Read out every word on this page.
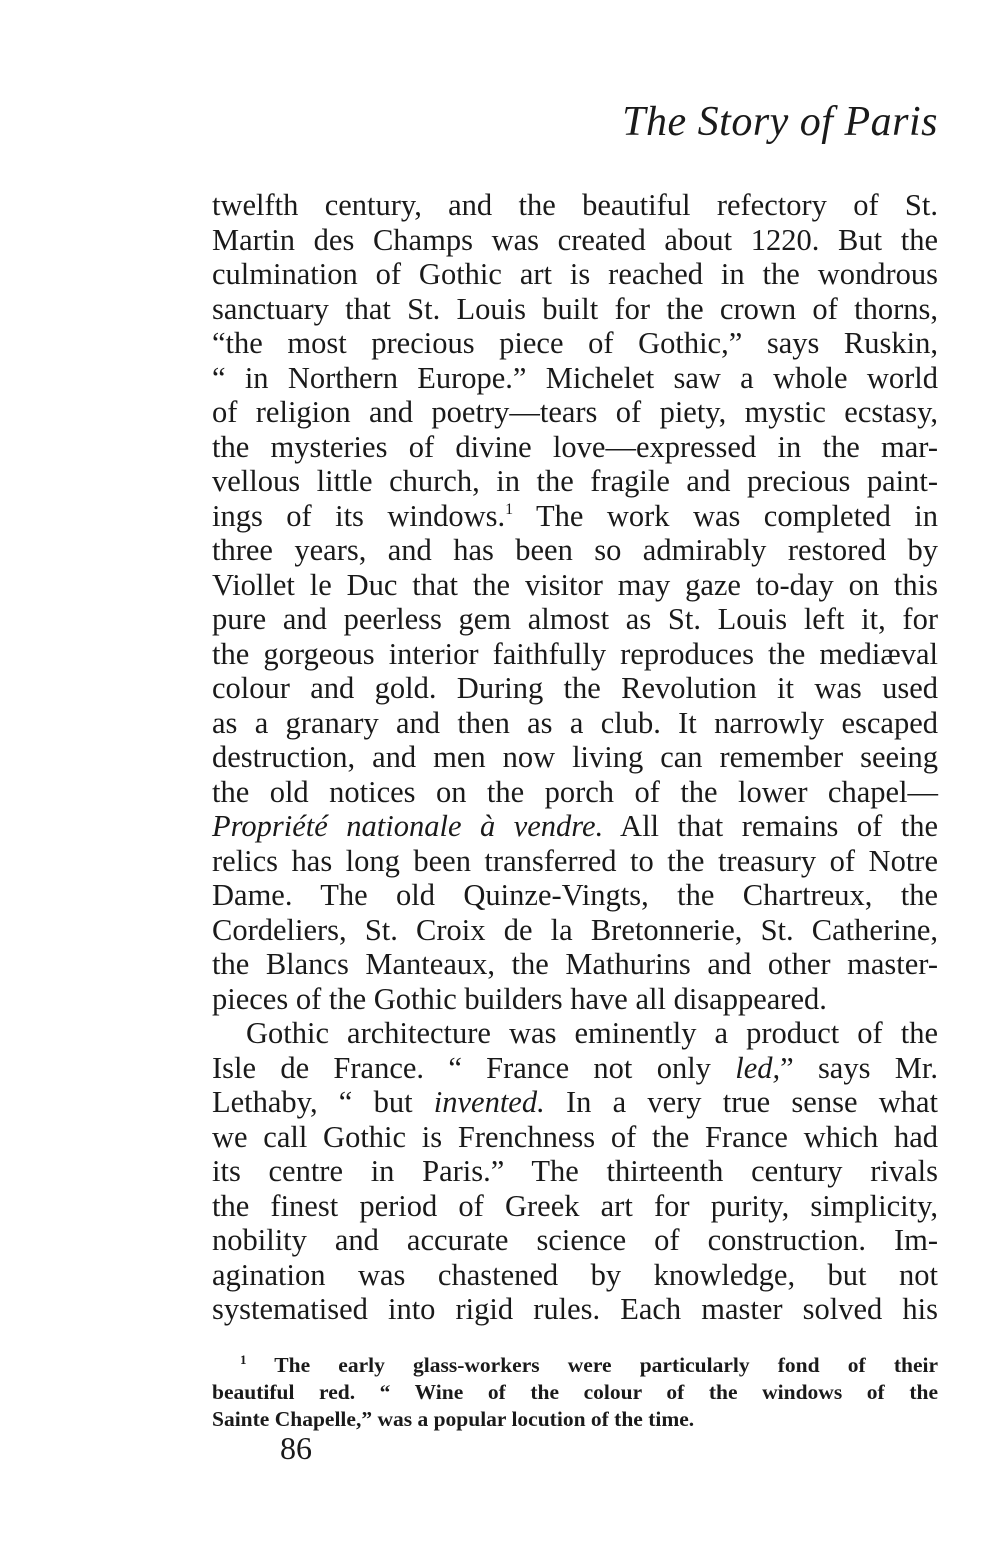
The Story of Paris
twelfth century, and the beautiful refectory of St.
Martin des Champs was created about 1220. But the
culmination of Gothic art is reached in the wondrous
sanctuary that St. Louis built for the crown of thorns,
“the most precious piece of Gothic,” says Ruskin,
“ in Northern Europe.” Michelet saw a whole world
of religion and poetry—tears of piety, mystic ecstasy,
the mysteries of divine love—expressed in the mar-
vellous little church, in the fragile and precious paint-
ings of its windows.$^1$ The work was completed in
three years, and has been so admirably restored by
Viollet le Duc that the visitor may gaze to-day on this
pure and peerless gem almost as St. Louis left it, for
the gorgeous interior faithfully reproduces the mediæval
colour and gold. During the Revolution it was used
as a granary and then as a club. It narrowly escaped
destruction, and men now living can remember seeing
the old notices on the porch of the lower chapel—
Propriété nationale à vendre. All that remains of the
relics has long been transferred to the treasury of Notre
Dame. The old Quinze-Vingts, the Chartreux, the
Cordeliers, St. Croix de la Bretonnerie, St. Catherine,
the Blancs Manteaux, the Mathurins and other master-
pieces of the Gothic builders have all disappeared.
Gothic architecture was eminently a product of the
Isle de France. “ France not only led,” says Mr.
Lethaby, “ but invented. In a very true sense what
we call Gothic is Frenchness of the France which had
its centre in Paris.” The thirteenth century rivals
the finest period of Greek art for purity, simplicity,
nobility and accurate science of construction. Im-
agination was chastened by knowledge, but not
systematised into rigid rules. Each master solved his
$^1$ The early glass-workers were particularly fond of their
beautiful red. “ Wine of the colour of the windows of the
Sainte Chapelle,” was a popular locution of the time.
86
